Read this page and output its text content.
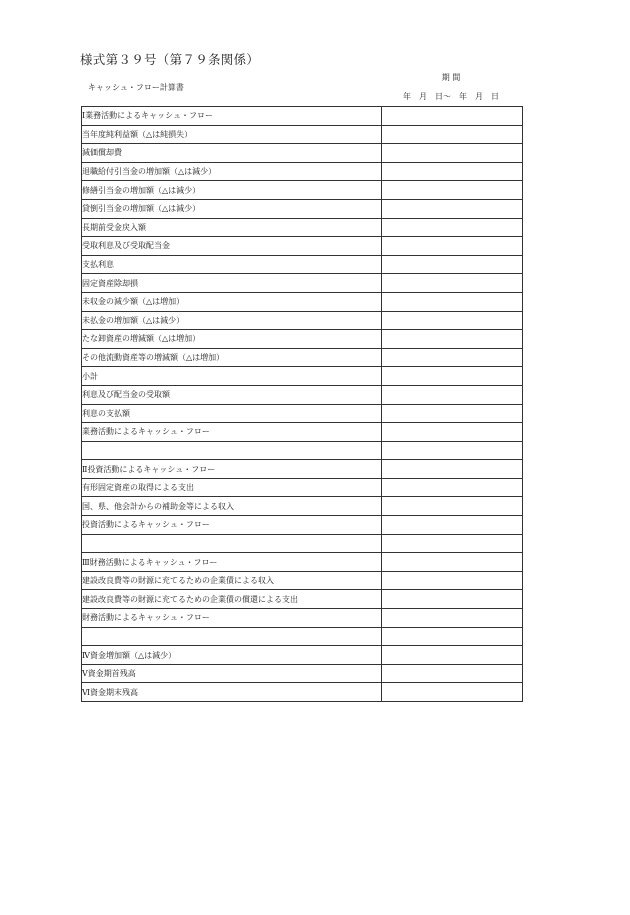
様式第３９号（第７９条関係）
キャッシュ・フロー計算書
期 間
年　月　日～　年　月　日
Ⅰ業務活動によるキャッシュ・フロー	
当年度純利益額（△は純損失）	
減価償却費	
退職給付引当金の増加額（△は減少）	
修繕引当金の増加額（△は減少）	
貸倒引当金の増加額（△は減少）	
長期前受金戻入額	
受取利息及び受取配当金	
支払利息	
固定資産除却損	
未収金の減少額（△は増加）	
未払金の増加額（△は減少）	
たな卸資産の増減額（△は増加）	
その他流動資産等の増減額（△は増加）	
小計	
利息及び配当金の受取額	
利息の支払額	
業務活動によるキャッシュ・フロー	

Ⅱ投資活動によるキャッシュ・フロー	
有形固定資産の取得による支出	
国、県、他会計からの補助金等による収入	
投資活動によるキャッシュ・フロー	

Ⅲ財務活動によるキャッシュ・フロー	
建設改良費等の財源に充てるための企業債による収入	
建設改良費等の財源に充てるための企業債の償還による支出	
財務活動によるキャッシュ・フロー	

Ⅳ資金増加額（△は減少）	
Ⅴ資金期首残高	
Ⅵ資金期末残高	
